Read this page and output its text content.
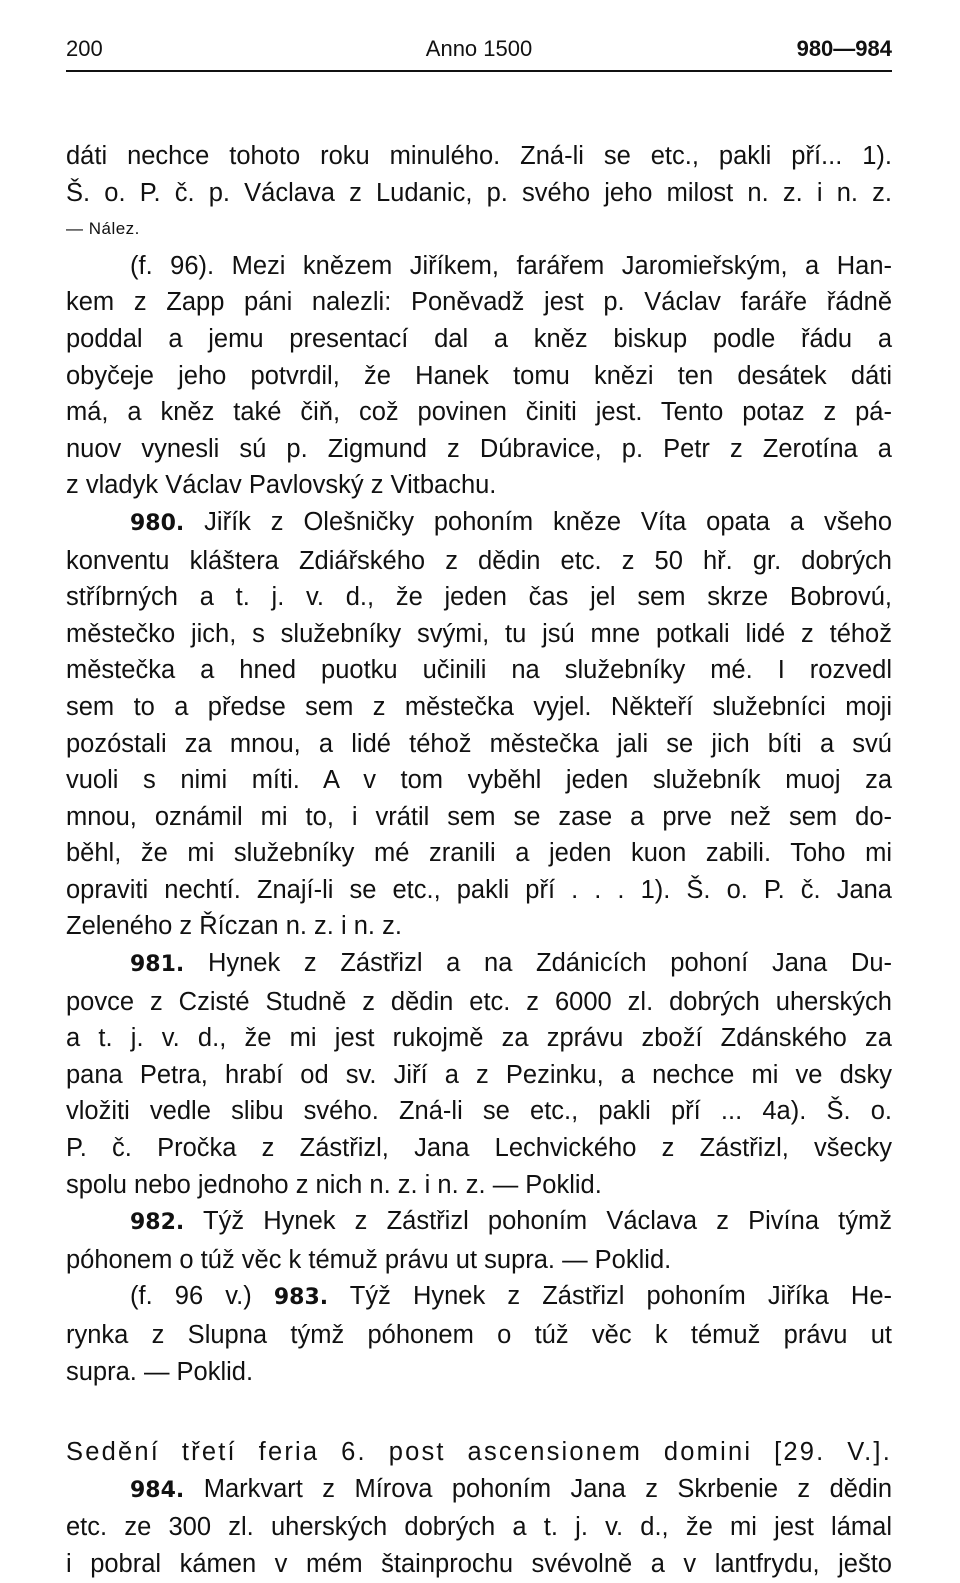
200	Anno 1500	980—984
dáti nechce tohoto roku minulého. Zná-li se etc., pakli pří... 1).
Š. o. P. č. p. Václava z Ludanic, p. svého jeho milost n. z. i n. z.
— Nález.
(f. 96). Mezi knězem Jiříkem, farářem Jaromieřským, a Han-
kem z Zapp páni nalezli: Poněvadž jest p. Václav faráře řádně
poddal a jemu presentací dal a kněz biskup podle řádu a
obyčeje jeho potvrdil, že Hanek tomu knězi ten desátek dáti
má, a kněz také čiň, což povinen činiti jest. Tento potaz z pá-
nuov vynesli sú p. Zigmund z Dúbravice, p. Petr z Zerotína a
z vladyk Václav Pavlovský z Vitbachu.
980. Jiřík z Olešničky pohoním kněze Víta opata a všeho
konventu kláštera Zdiářského z dědin etc. z 50 hř. gr. dobrých
stříbrných a t. j. v. d., že jeden čas jel sem skrze Bobrovú,
městečko jich, s služebníky svými, tu jsú mne potkali lidé z téhož
městečka a hned puotku učinili na služebníky mé. I rozvedl
sem to a předse sem z městečka vyjel. Někteří služebníci moji
pozóstali za mnou, a lidé téhož městečka jali se jich bíti a svú
vuoli s nimi míti. A v tom vyběhl jeden služebník muoj za
mnou, oznámil mi to, i vrátil sem se zase a prve než sem do-
běhl, že mi služebníky mé zranili a jeden kuon zabili. Toho mi
opraviti nechtí. Znají-li se etc., pakli pří . . . 1). Š. o. P. č. Jana
Zeleného z Říczan n. z. i n. z.
981. Hynek z Zástřizl a na Zdánicích pohoní Jana Du-
povce z Czisté Studně z dědin etc. z 6000 zl. dobrých uherských
a t. j. v. d., že mi jest rukojmě za zprávu zboží Zdánského za
pana Petra, hrabí od sv. Jiří a z Pezinku, a nechce mi ve dsky
vložiti vedle slibu svého. Zná-li se etc., pakli pří ... 4a). Š. o.
P. č. Pročka z Zástřizl, Jana Lechvického z Zástřizl, všecky
spolu nebo jednoho z nich n. z. i n. z. — Poklid.
982. Týž Hynek z Zástřizl pohoním Václava z Pivína týmž
póhonem o túž věc k témuž právu ut supra. — Poklid.
(f. 96 v.) 983. Týž Hynek z Zástřizl pohoním Jiříka He-
rynka z Slupna týmž póhonem o túž věc k témuž právu ut
supra. — Poklid.
Sedění třetí feria 6. post ascensionem domini [29. V.].
984. Markvart z Mírova pohoním Jana z Skrbenie z dědin
etc. ze 300 zl. uherských dobrých a t. j. v. d., že mi jest lámal
i pobral kámen v mém štainprochu svévolně a v lantfrydu, ješto
